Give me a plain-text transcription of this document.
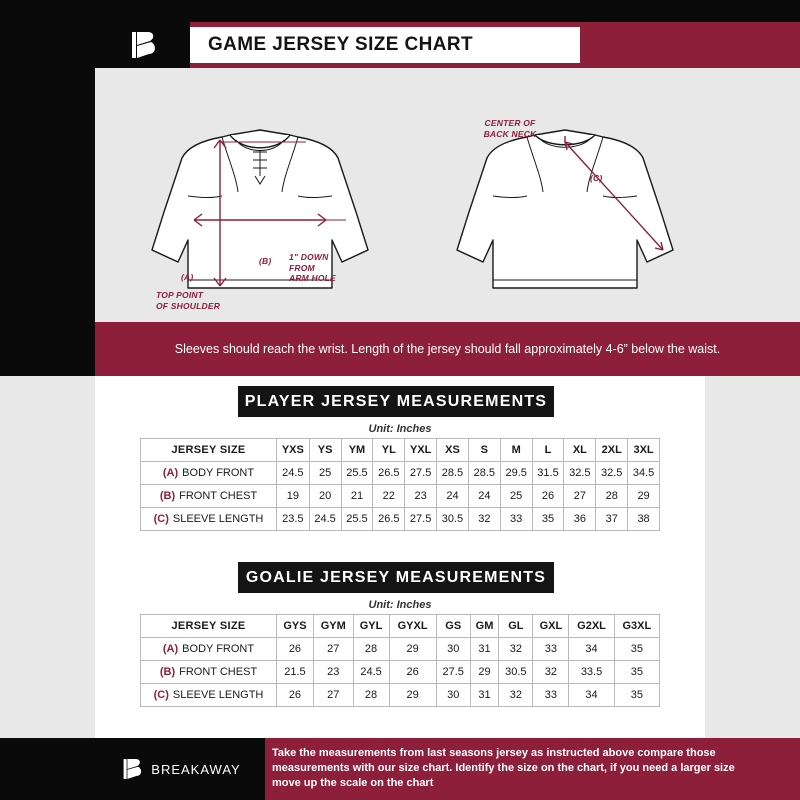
GAME JERSEY SIZE CHART
(A)
TOP POINT
OF SHOULDER
(B) 1" DOWN
FROM
ARM HOLE
CENTER OF
BACK NECK
(C)
Sleeves should reach the wrist. Length of the jersey should fall approximately 4-6” below the waist.
PLAYER JERSEY MEASUREMENTS
Unit: Inches
JERSEY SIZE	YXS	YS	YM	YL	YXL	XS	S	M	L	XL	2XL	3XL
(A) BODY FRONT	24.5	25	25.5	26.5	27.5	28.5	28.5	29.5	31.5	32.5	32.5	34.5
(B) FRONT CHEST	19	20	21	22	23	24	24	25	26	27	28	29
(C) SLEEVE LENGTH	23.5	24.5	25.5	26.5	27.5	30.5	32	33	35	36	37	38
GOALIE JERSEY MEASUREMENTS
Unit: Inches
JERSEY SIZE	GYS	GYM	GYL	GYXL	GS	GM	GL	GXL	G2XL	G3XL
(A) BODY FRONT	26	27	28	29	30	31	32	33	34	35
(B) FRONT CHEST	21.5	23	24.5	26	27.5	29	30.5	32	33.5	35
(C) SLEEVE LENGTH	26	27	28	29	30	31	32	33	34	35
BREAKAWAY
Take the measurements from last seasons jersey as instructed above compare those measurements with our size chart. Identify the size on the chart, if you need a larger size move up the scale on the chart
